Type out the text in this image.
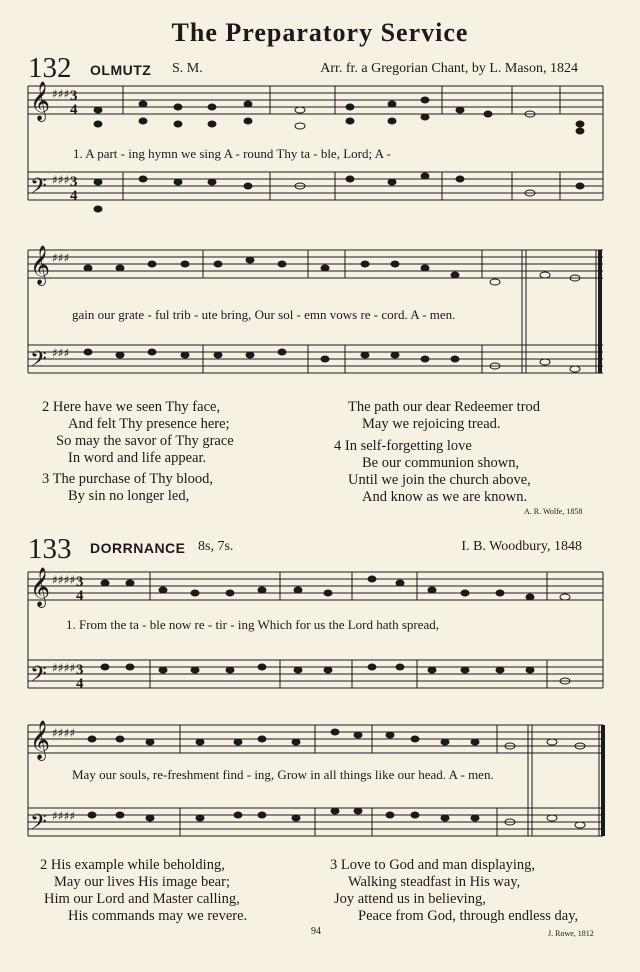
The Preparatory Service
132 OLMUTZ S. M.	Arr. fr. a Gregorian Chant, by L. Mason, 1824
𝄞
𝄢
𝄞
𝄢
𝄞
𝄢
𝄞
𝄢
♯♯♯
♯♯♯
♯♯♯
♯♯♯
♯♯♯♯
♯♯♯♯
♯♯♯♯
♯♯♯♯
3
4
3
4
3
4
3
4
1. A part - ing hymn we sing A - round Thy ta - ble, Lord; A -
gain our grate - ful trib - ute bring, Our sol - emn vows re - cord. A - men.
2 Here have we seen Thy face,
And felt Thy presence here;
So may the savor of Thy grace
In word and life appear.
3 The purchase of Thy blood,
By sin no longer led,
The path our dear Redeemer trod
May we rejoicing tread.
4 In self-forgetting love
Be our communion shown,
Until we join the church above,
And know as we are known.
A. R. Wolfe, 1858
133 DORRNANCE 8s, 7s.	I. B. Woodbury, 1848
1. From the ta - ble now re - tir - ing Which for us the Lord hath spread,
May our souls, re-freshment find - ing, Grow in all things like our head. A - men.
2 His example while beholding,
May our lives His image bear;
Him our Lord and Master calling,
His commands may we revere.
3 Love to God and man displaying,
Walking steadfast in His way,
Joy attend us in believing,
Peace from God, through endless day,
J. Rowe, 1812
94
